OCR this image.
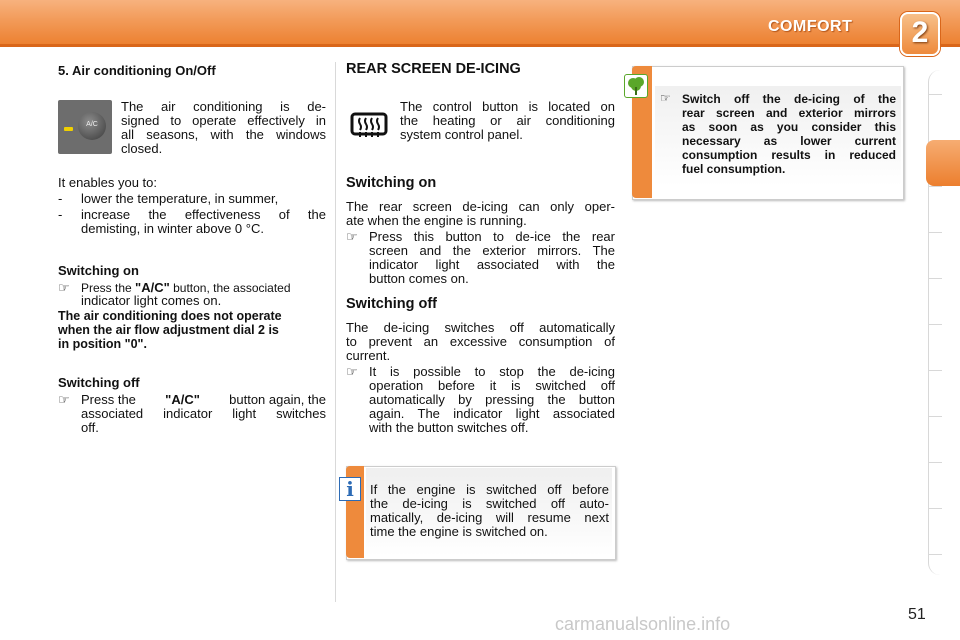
COMFORT	2
5. Air conditioning On/Off
A/C
The air conditioning is de-
signed to operate effectively in
all seasons, with the windows
closed.
It enables you to:
- lower the temperature, in summer,
- increase the effectiveness of the
demisting, in winter above 0 °C.
Switching on
☞ Press the "A/C" button, the associated
indicator light comes on.
The air conditioning does not operate
when the air flow adjustment dial 2 is
in position "0".
Switching off
☞ Press the "A/C" button again, the
associated indicator light switches
off.
REAR SCREEN DE-ICING
The control button is located on
the heating or air conditioning
system control panel.
Switching on
The rear screen de-icing can only oper-
ate when the engine is running.
☞ Press this button to de-ice the rear
screen and the exterior mirrors. The
indicator light associated with the
button comes on.
Switching off
The de-icing switches off automatically
to prevent an excessive consumption of
current.
☞ It is possible to stop the de-icing
operation before it is switched off
automatically by pressing the button
again. The indicator light associated
with the button switches off.
i	If the engine is switched off before
the de-icing is switched off auto-
matically, de-icing will resume next
time the engine is switched on.
☞ Switch off the de-icing of the
rear screen and exterior mirrors
as soon as you consider this
necessary as lower current
consumption results in reduced
fuel consumption.
51
carmanualsonline.info
